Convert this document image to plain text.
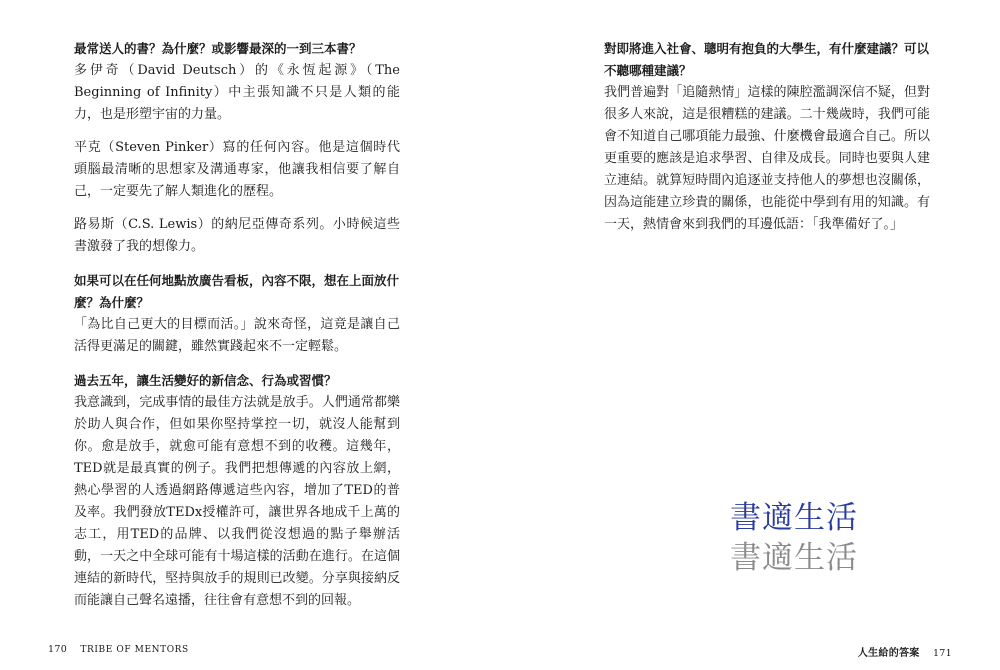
最常送人的書？為什麼？或影響最深的一到三本書？

多伊奇（David Deutsch）的《永恆起源》（The Beginning of Infinity）中主張知識不只是人類的能力，也是形塑宇宙的力量。

平克（Steven Pinker）寫的任何內容。他是這個時代頭腦最清晰的思想家及溝通專家，他讓我相信要了解自己，一定要先了解人類進化的歷程。

路易斯（C.S. Lewis）的納尼亞傳奇系列。小時候這些書激發了我的想像力。

如果可以在任何地點放廣告看板，內容不限，想在上面放什麼？為什麼？

「為比自己更大的目標而活。」說來奇怪，這竟是讓自己活得更滿足的關鍵，雖然實踐起來不一定輕鬆。

過去五年，讓生活變好的新信念、行為或習慣？

我意識到，完成事情的最佳方法就是放手。人們通常都樂於助人與合作，但如果你堅持掌控一切，就沒人能幫到你。愈是放手，就愈可能有意想不到的收穫。這幾年，TED就是最真實的例子。我們把想傳遞的內容放上網，熱心學習的人透過網路傳遞這些內容，增加了TED的普及率。我們發放TEDx授權許可，讓世界各地成千上萬的志工，用TED的品牌、以我們從沒想過的點子舉辦活動，一天之中全球可能有十場這樣的活動在進行。在這個連結的新時代，堅持與放手的規則已改變。分享與接納反而能讓自己聲名遠播，往往會有意想不到的回報。

170 TRIBE OF MENTORS

對即將進入社會、聰明有抱負的大學生，有什麼建議？可以不聽哪種建議？

我們普遍對「追隨熱情」這樣的陳腔濫調深信不疑，但對很多人來說，這是很糟糕的建議。二十幾歲時，我們可能會不知道自己哪項能力最強、什麼機會最適合自己。所以更重要的應該是追求學習、自律及成長。同時也要與人建立連結。就算短時間內追逐並支持他人的夢想也沒關係，因為這能建立珍貴的關係，也能從中學到有用的知識。有一天，熱情會來到我們的耳邊低語：「我準備好了。」

書適生活
書適生活
人生給的答案 171
